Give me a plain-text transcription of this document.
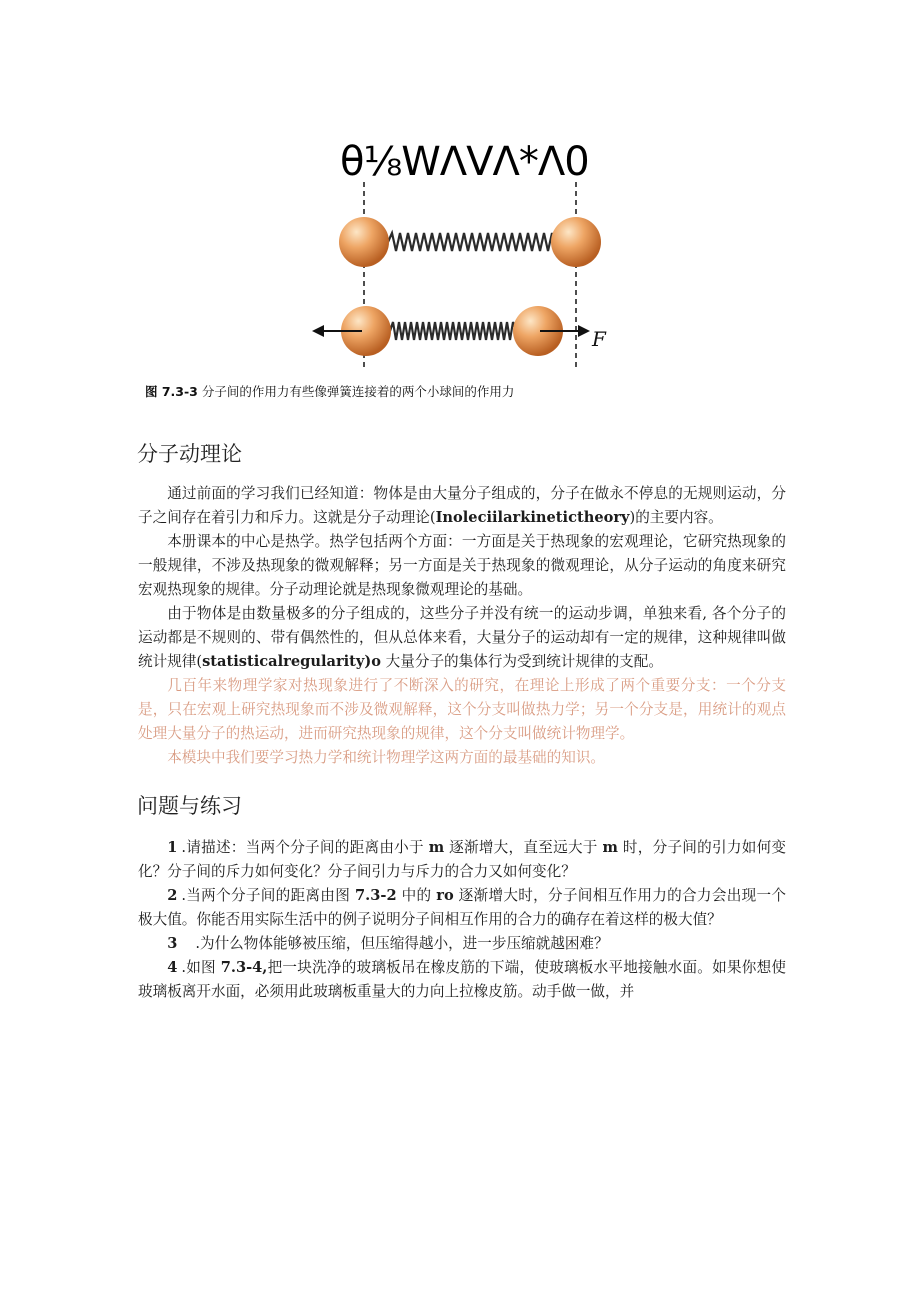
θ⅛WΛVΛ*Λ0
F
图 7.3-3 分子间的作用力有些像弹簧连接着的两个小球间的作用力
分子动理论

通过前面的学习我们已经知道：物体是由大量分子组成的，分子在做永不停息的无规则运动，分子之间存在着引力和斥力。这就是分子动理论(Inoleciilarkinetictheory)的主要内容。

本册课本的中心是热学。热学包括两个方面：一方面是关于热现象的宏观理论，它研究热现象的一般规律，不涉及热现象的微观解释；另一方面是关于热现象的微观理论，从分子运动的角度来研究宏观热现象的规律。分子动理论就是热现象微观理论的基础。

由于物体是由数量极多的分子组成的，这些分子并没有统一的运动步调，单独来看, 各个分子的运动都是不规则的、带有偶然性的，但从总体来看，大量分子的运动却有一定的规律，这种规律叫做统计规律(statisticalregularity)o 大量分子的集体行为受到统计规律的支配。

几百年来物理学家对热现象进行了不断深入的研究，在理论上形成了两个重要分支：一个分支是，只在宏观上研究热现象而不涉及微观解释，这个分支叫做热力学；另一个分支是，用统计的观点处理大量分子的热运动，进而研究热现象的规律，这个分支叫做统计物理学。

本模块中我们要学习热力学和统计物理学这两方面的最基础的知识。

问题与练习

1 .请描述：当两个分子间的距离由小于 m 逐渐增大，直至远大于 m 时，分子间的引力如何变化？分子间的斥力如何变化？分子间引力与斥力的合力又如何变化？

2 .当两个分子间的距离由图 7.3-2 中的 ro 逐渐增大时，分子间相互作用力的合力会出现一个极大值。你能否用实际生活中的例子说明分子间相互作用的合力的确存在着这样的极大值？

3 .为什么物体能够被压缩，但压缩得越小，进一步压缩就越困难？

4 .如图 7.3-4,把一块洗净的玻璃板吊在橡皮筋的下端，使玻璃板水平地接触水面。如果你想使玻璃板离开水面，必须用此玻璃板重量大的力向上拉橡皮筋。动手做一做，并
